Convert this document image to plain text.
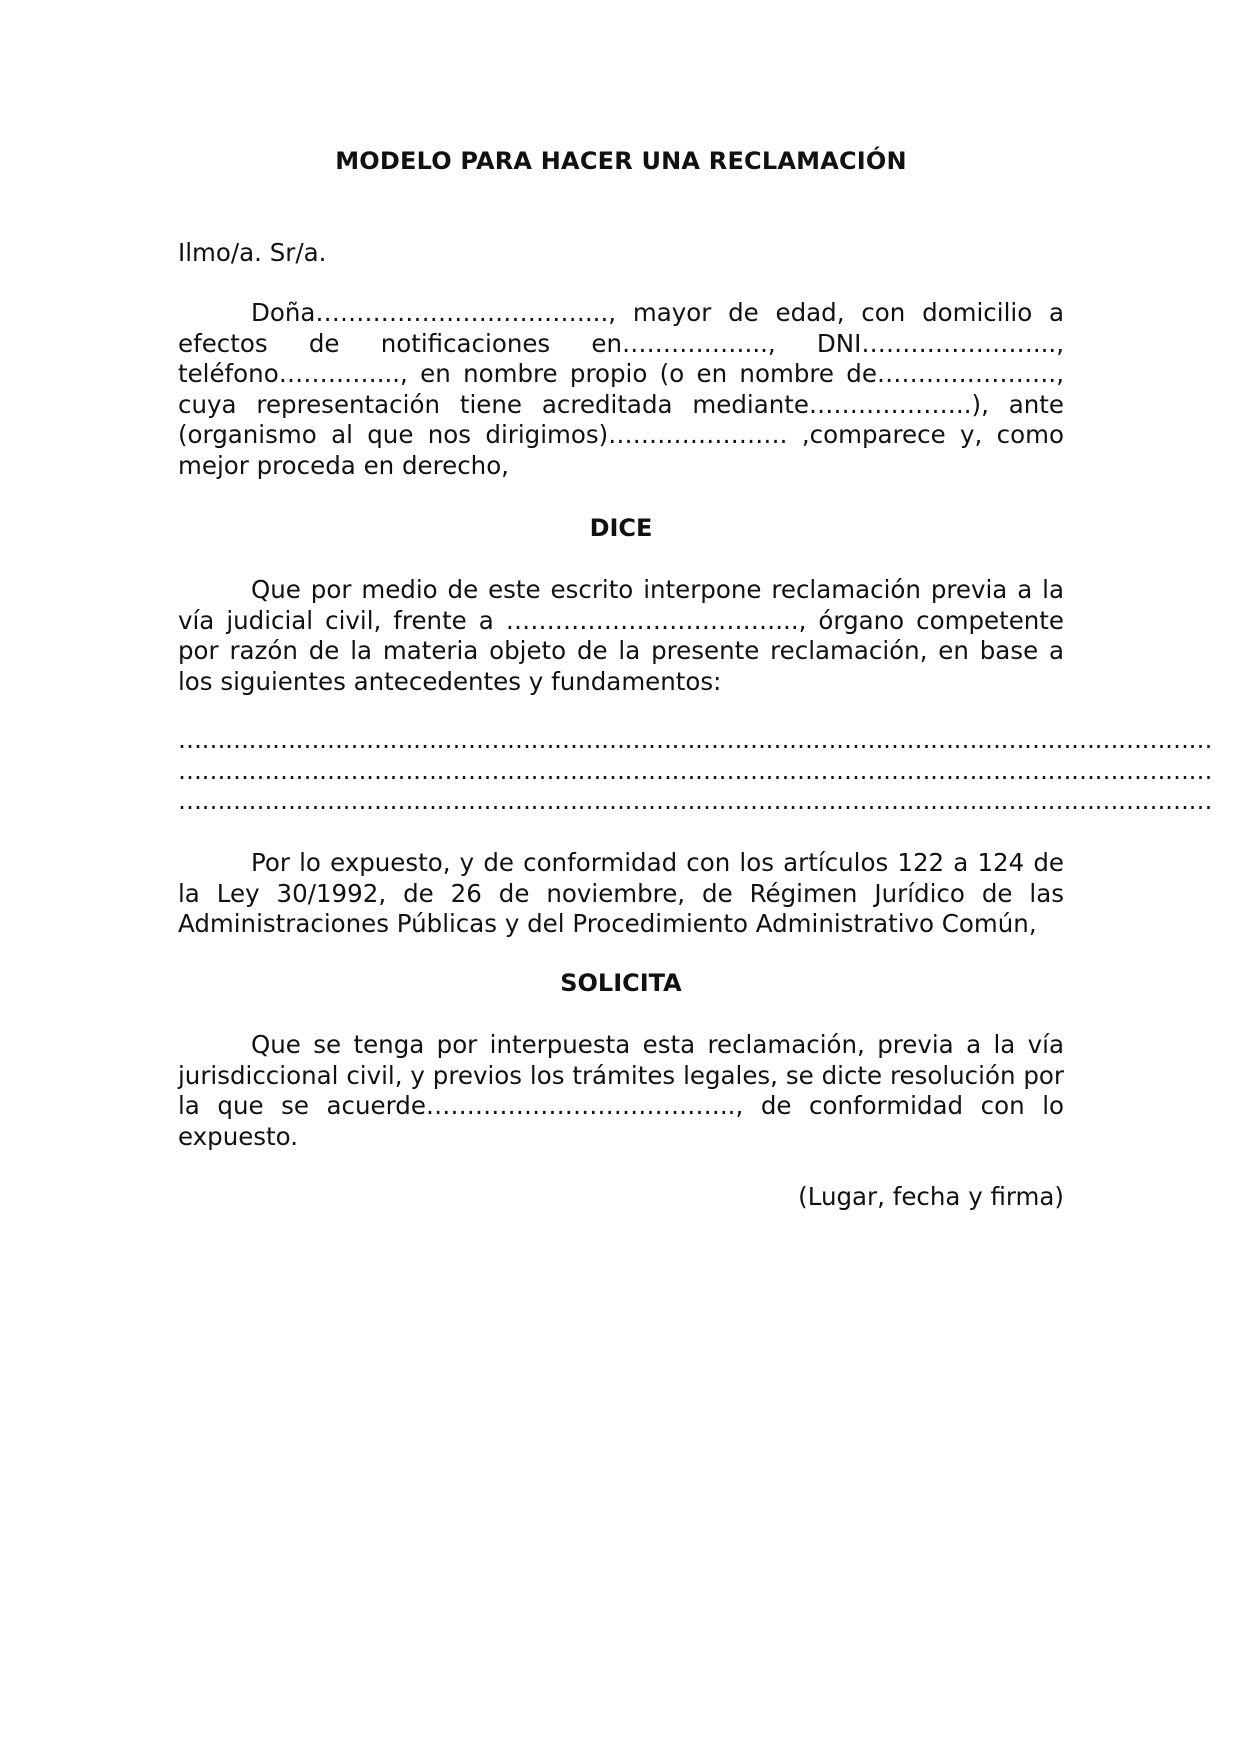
MODELO PARA HACER UNA RECLAMACIÓN

Ilmo/a. Sr/a.

Doña……………………………..., mayor de edad, con domicilio a efectos de notificaciones en……………..., DNI…………………..., teléfono…………..., en nombre propio (o en nombre de…………………., cuya representación tiene acreditada mediante………………..), ante (organismo al que nos dirigimos)…………………. ,comparece y, como mejor proceda en derecho,

DICE

Que por medio de este escrito interpone reclamación previa a la vía judicial civil, frente a ……………………………..., órgano competente por razón de la materia objeto de la presente reclamación, en base a los siguientes antecedentes y fundamentos:

……………………………………………………………………………………………………………………

……………………………………………………………………………………………………………………

……………………………………………………………………………………………………………………

Por lo expuesto, y de conformidad con los artículos 122 a 124 de la Ley 30/1992, de 26 de noviembre, de Régimen Jurídico de las Administraciones Públicas y del Procedimiento Administrativo Común,

SOLICITA

Que se tenga por interpuesta esta reclamación, previa a la vía jurisdiccional civil, y previos los trámites legales, se dicte resolución por la que se acuerde……………………………….., de conformidad con lo expuesto.

(Lugar, fecha y firma)
